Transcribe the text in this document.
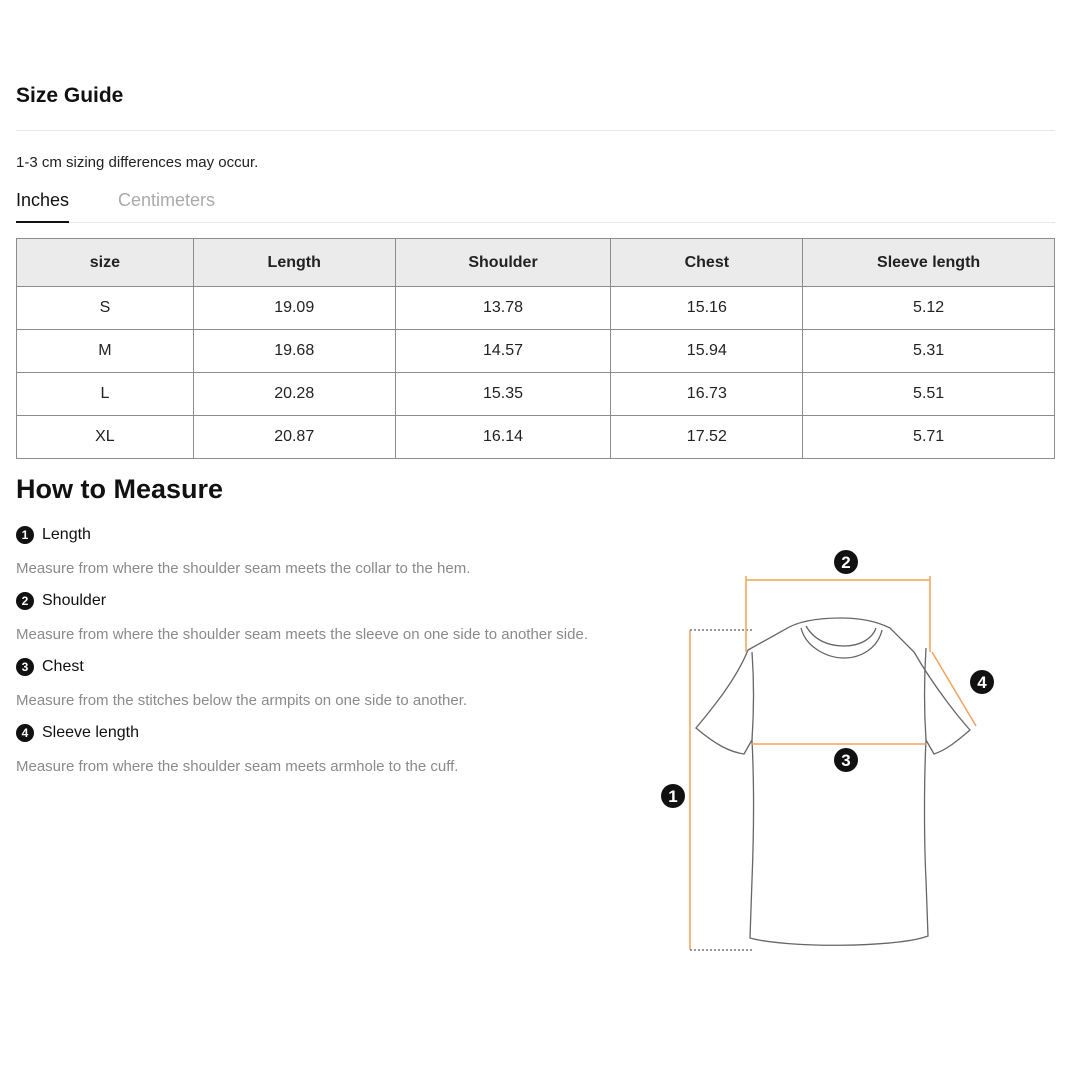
Size Guide
1-3 cm sizing differences may occur.
Inches	Centimeters
size	Length	Shoulder	Chest	Sleeve length
S	19.09	13.78	15.16	5.12
M	19.68	14.57	15.94	5.31
L	20.28	15.35	16.73	5.51
XL	20.87	16.14	17.52	5.71
How to Measure
1 Length
Measure from where the shoulder seam meets the collar to the hem.
2 Shoulder
Measure from where the shoulder seam meets the sleeve on one side to another side.
3 Chest
Measure from the stitches below the armpits on one side to another.
4 Sleeve length
Measure from where the shoulder seam meets armhole to the cuff.
1
2
3
4
